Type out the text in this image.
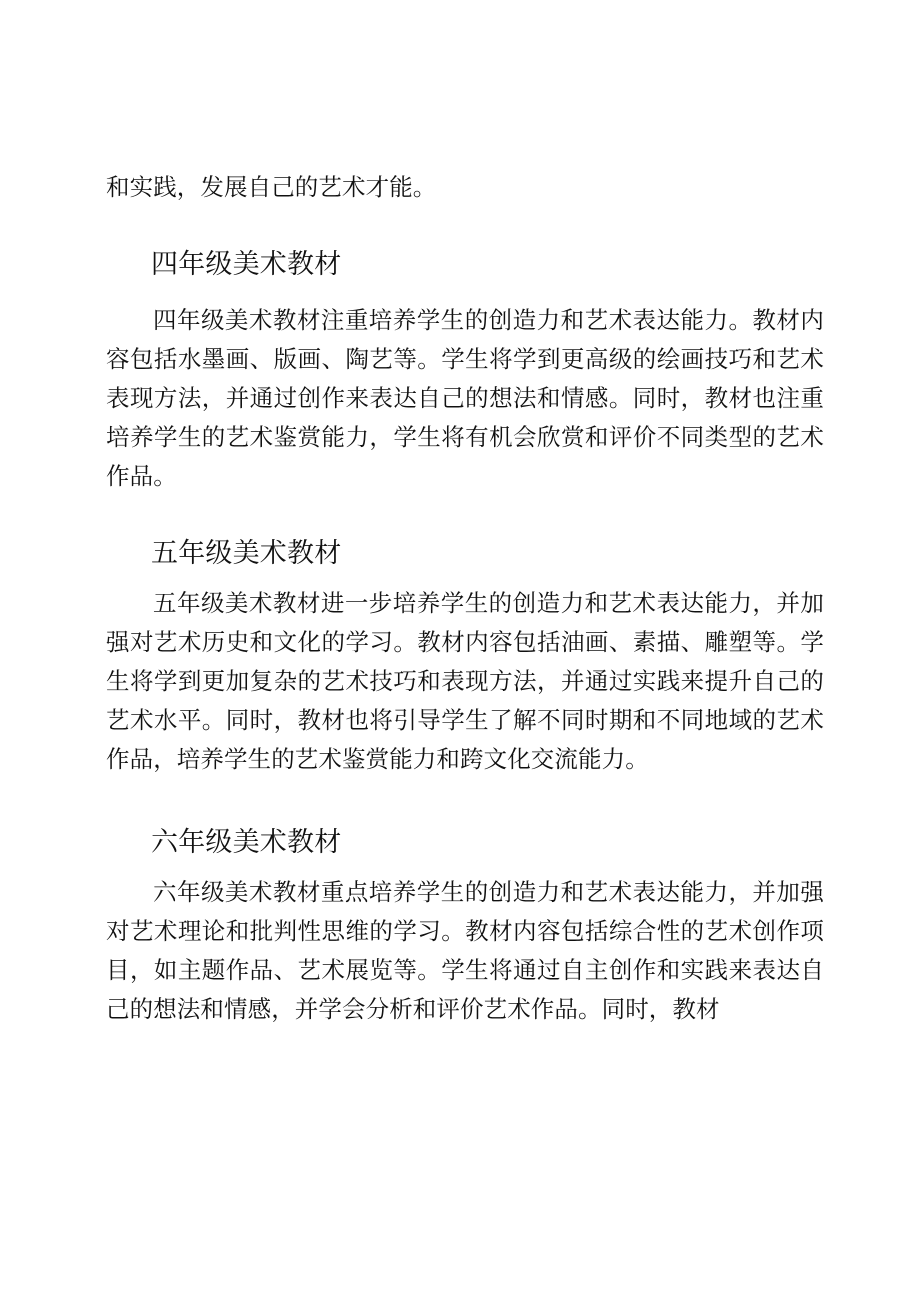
和实践，发展自己的艺术才能。

四年级美术教材

四年级美术教材注重培养学生的创造力和艺术表达能力。教材内容包括水墨画、版画、陶艺等。学生将学到更高级的绘画技巧和艺术表现方法，并通过创作来表达自己的想法和情感。同时，教材也注重培养学生的艺术鉴赏能力，学生将有机会欣赏和评价不同类型的艺术作品。

五年级美术教材

五年级美术教材进一步培养学生的创造力和艺术表达能力，并加强对艺术历史和文化的学习。教材内容包括油画、素描、雕塑等。学生将学到更加复杂的艺术技巧和表现方法，并通过实践来提升自己的艺术水平。同时，教材也将引导学生了解不同时期和不同地域的艺术作品，培养学生的艺术鉴赏能力和跨文化交流能力。

六年级美术教材

六年级美术教材重点培养学生的创造力和艺术表达能力，并加强对艺术理论和批判性思维的学习。教材内容包括综合性的艺术创作项目，如主题作品、艺术展览等。学生将通过自主创作和实践来表达自己的想法和情感，并学会分析和评价艺术作品。同时，教材
